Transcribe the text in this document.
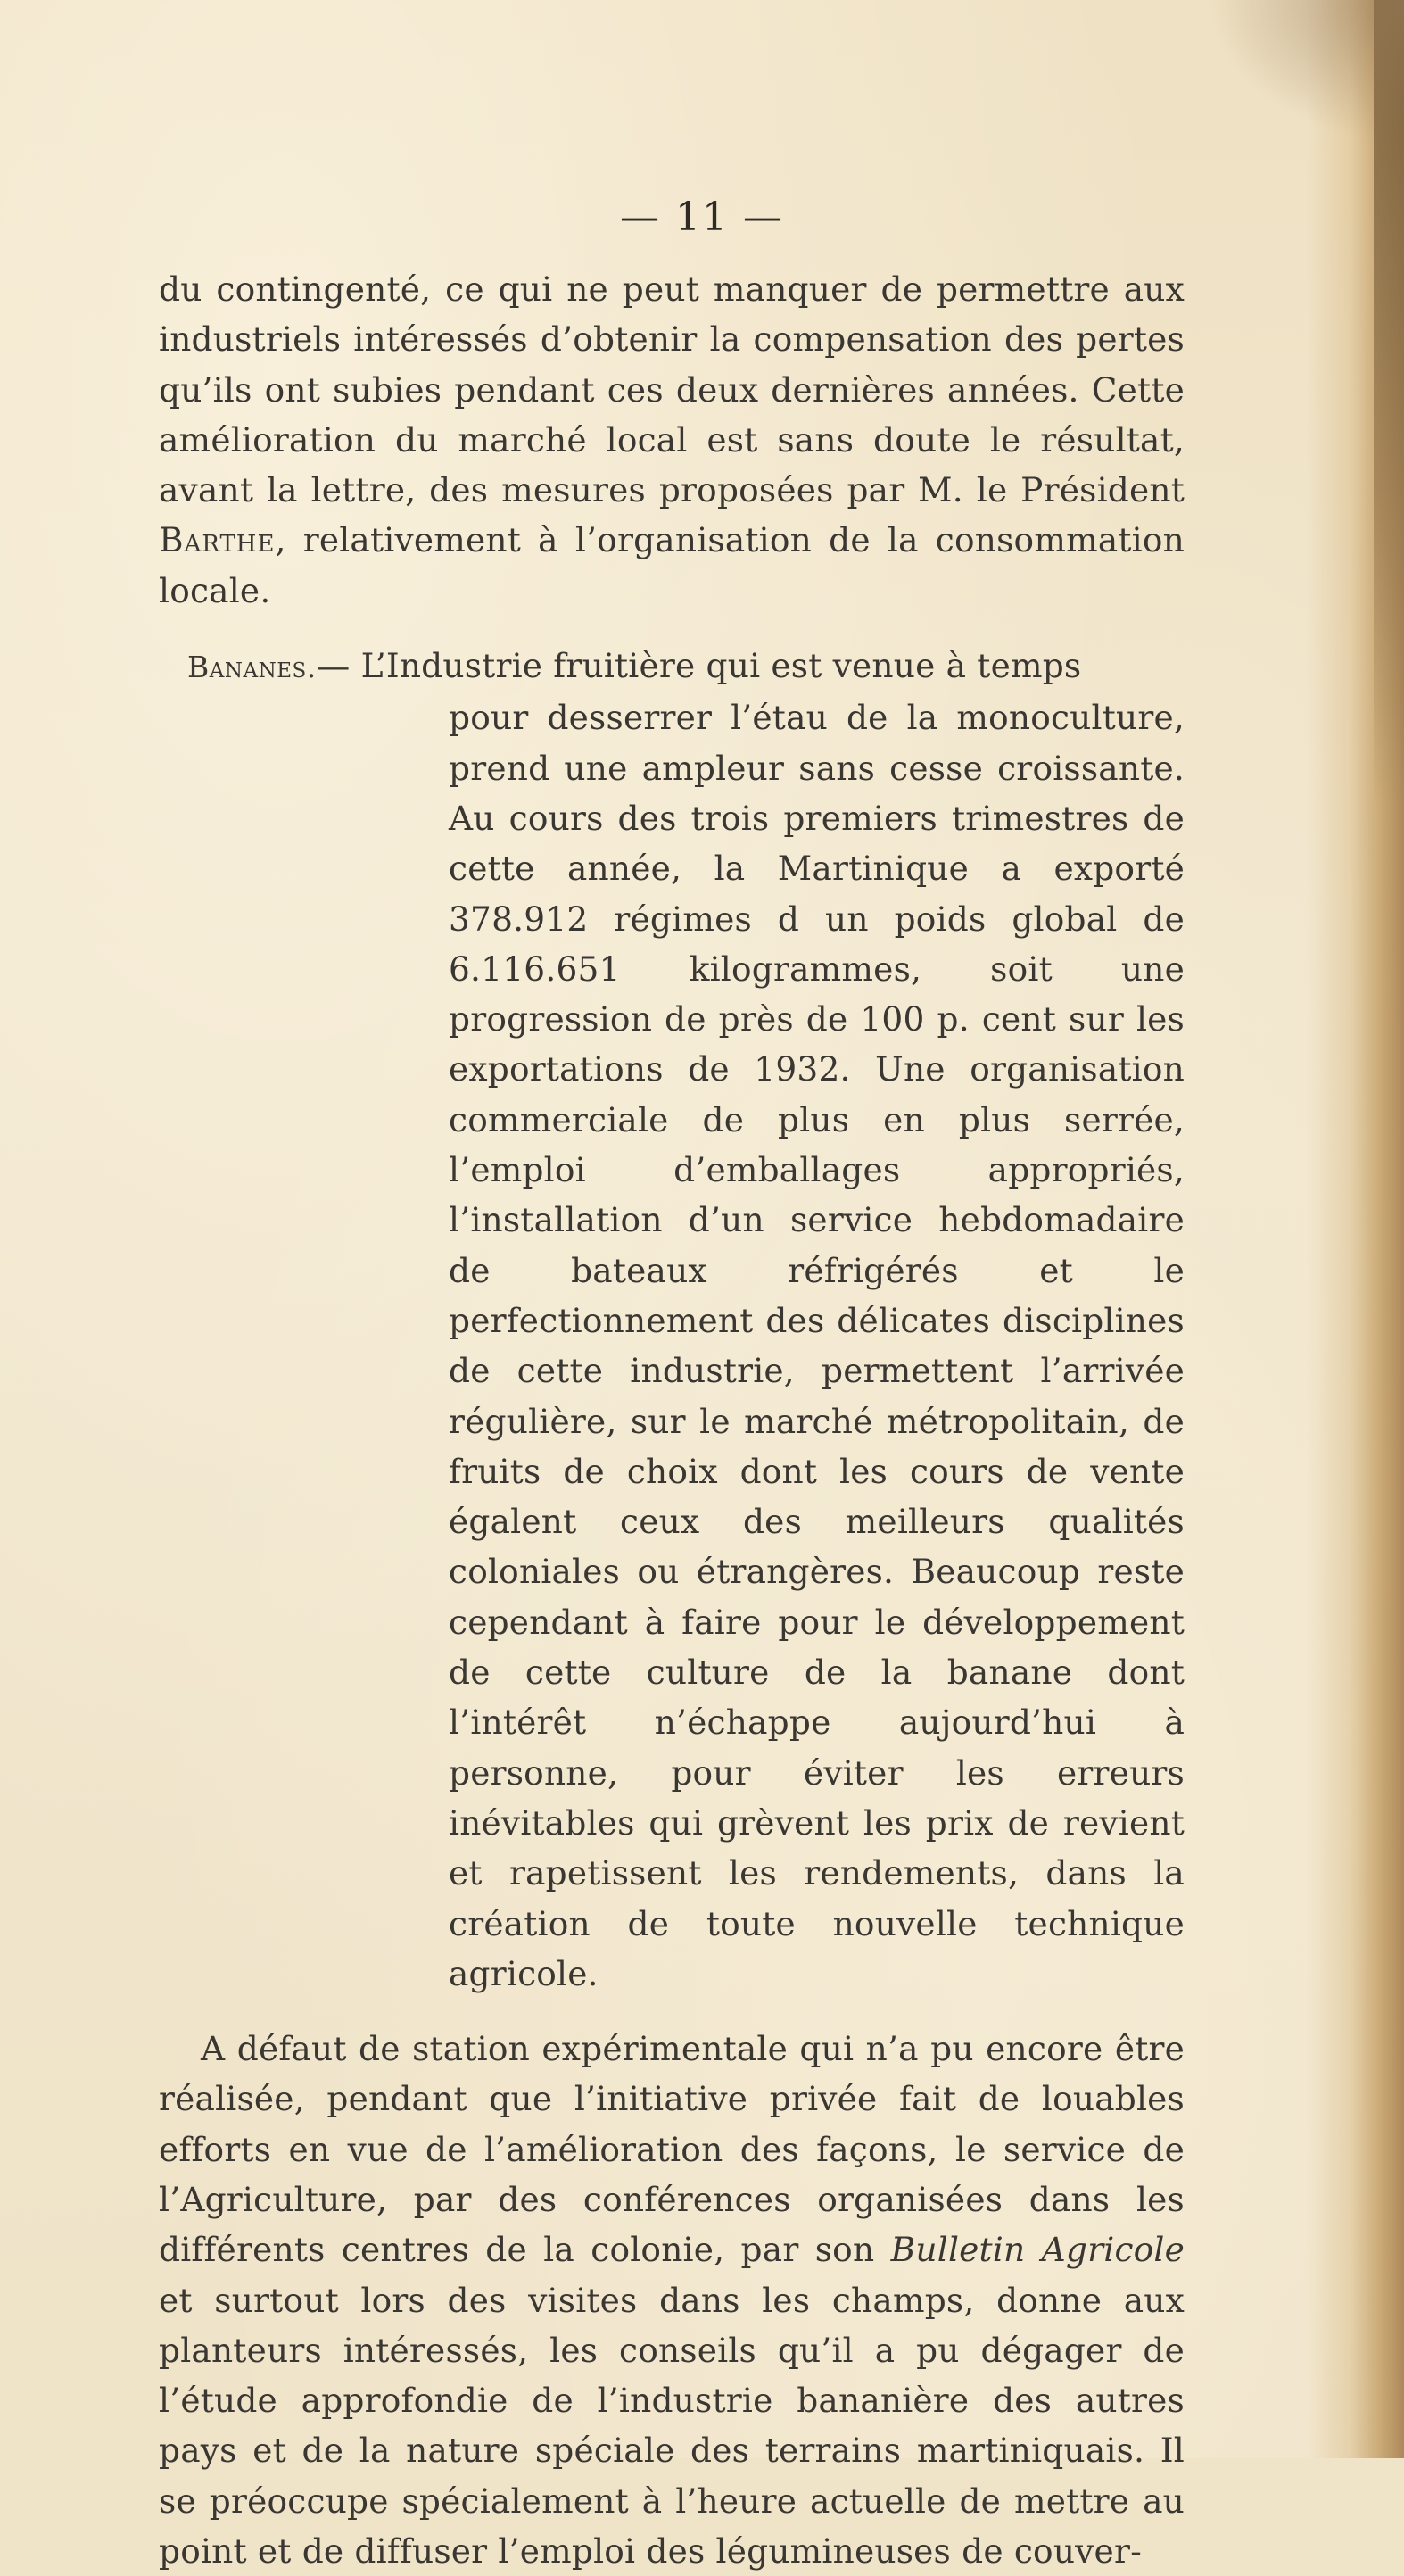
— 11 —

du contingenté, ce qui ne peut manquer de permettre aux industriels intéressés d’obtenir la compensation des pertes qu’ils ont subies pendant ces deux dernières années. Cette amélioration du marché local est sans doute le résultat, avant la lettre, des mesures proposées par M. le Président Barthe, relativement à l’organisation de la consommation locale.

Bananes.— L’Industrie fruitière qui est venue à temps
pour desserrer l’étau de la monoculture, prend une ampleur sans cesse croissante. Au cours des trois premiers trimestres de cette année, la Martinique a exporté 378.912 régimes d un poids global de 6.116.651 kilogrammes, soit une progression de près de 100 p. cent sur les exportations de 1932. Une organisation commerciale de plus en plus serrée, l’emploi d’emballages appropriés, l’installation d’un service hebdomadaire de bateaux réfrigérés et le perfectionnement des délicates disciplines de cette industrie, permettent l’arrivée régulière, sur le marché métropolitain, de fruits de choix dont les cours de vente égalent ceux des meilleurs qualités coloniales ou étrangères. Beaucoup reste cependant à faire pour le développement de cette culture de la banane dont l’intérêt n’échappe aujourd’hui à personne, pour éviter les erreurs inévitables qui grèvent les prix de revient et rapetissent les rendements, dans la création de toute nouvelle technique agricole.

A défaut de station expérimentale qui n’a pu encore être réalisée, pendant que l’initiative privée fait de louables efforts en vue de l’amélioration des façons, le service de l’Agriculture, par des conférences organisées dans les différents centres de la colonie, par son Bulletin Agricole et surtout lors des visites dans les champs, donne aux planteurs intéressés, les conseils qu’il a pu dégager de l’étude approfondie de l’industrie bananière des autres pays et de la nature spéciale des terrains martiniquais. Il se préoccupe spécialement à l’heure actuelle de mettre au point et de diffuser l’emploi des légumineuses de couver-
